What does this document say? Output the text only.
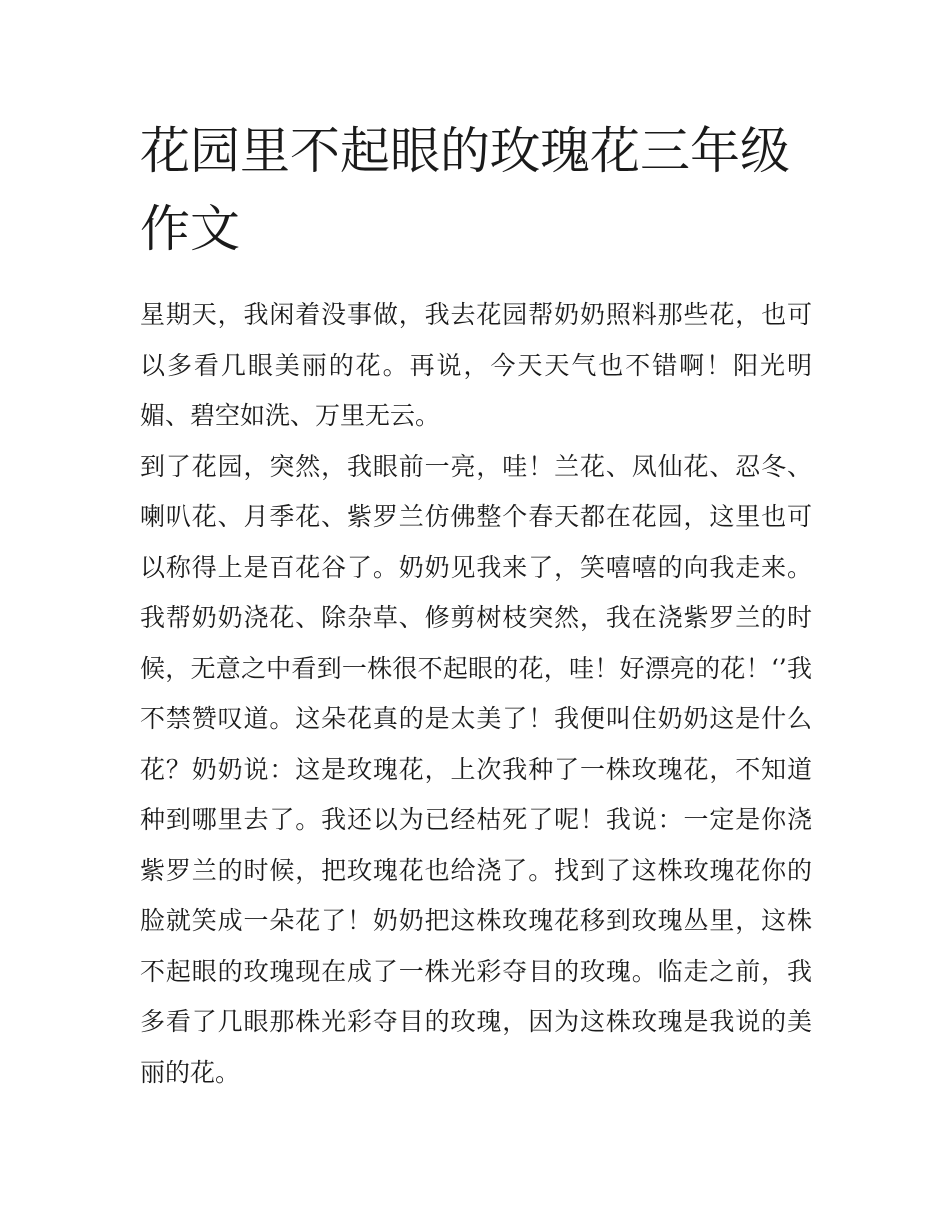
花园里不起眼的玫瑰花三年级作文

星期天，我闲着没事做，我去花园帮奶奶照料那些花，也可以多看几眼美丽的花。再说，今天天气也不错啊！阳光明媚、碧空如洗、万里无云。

到了花园，突然，我眼前一亮，哇！兰花、凤仙花、忍冬、喇叭花、月季花、紫罗兰仿佛整个春天都在花园，这里也可以称得上是百花谷了。奶奶见我来了，笑嘻嘻的向我走来。我帮奶奶浇花、除杂草、修剪树枝突然，我在浇紫罗兰的时候，无意之中看到一株很不起眼的花，哇！好漂亮的花！‘’我不禁赞叹道。这朵花真的是太美了！我便叫住奶奶这是什么花？奶奶说：这是玫瑰花，上次我种了一株玫瑰花，不知道种到哪里去了。我还以为已经枯死了呢！我说：一定是你浇紫罗兰的时候，把玫瑰花也给浇了。找到了这株玫瑰花你的脸就笑成一朵花了！奶奶把这株玫瑰花移到玫瑰丛里，这株不起眼的玫瑰现在成了一株光彩夺目的玫瑰。临走之前，我多看了几眼那株光彩夺目的玫瑰，因为这株玫瑰是我说的美丽的花。
